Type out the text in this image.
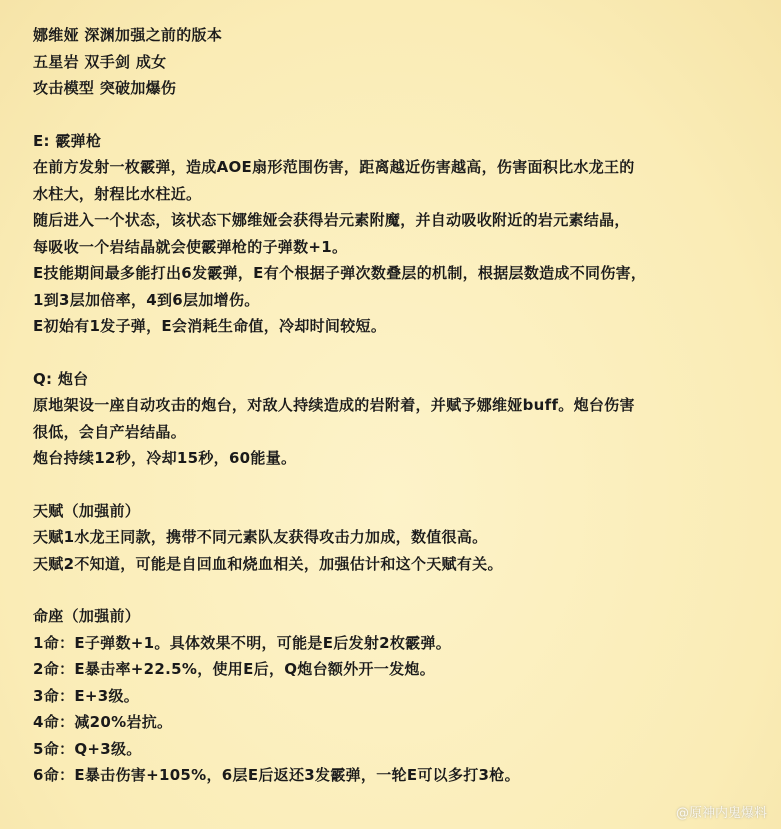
娜维娅 深渊加强之前的版本
五星岩 双手剑 成女
攻击模型 突破加爆伤
E: 霰弹枪
在前方发射一枚霰弹，造成AOE扇形范围伤害，距离越近伤害越高，伤害面积比水龙王的
水柱大，射程比水柱近。
随后进入一个状态，该状态下娜维娅会获得岩元素附魔，并自动吸收附近的岩元素结晶，
每吸收一个岩结晶就会使霰弹枪的子弹数+1。
E技能期间最多能打出6发霰弹，E有个根据子弹次数叠层的机制，根据层数造成不同伤害，
1到3层加倍率，4到6层加增伤。
E初始有1发子弹，E会消耗生命值，冷却时间较短。
Q: 炮台
原地架设一座自动攻击的炮台，对敌人持续造成的岩附着，并赋予娜维娅buff。炮台伤害
很低，会自产岩结晶。
炮台持续12秒，冷却15秒，60能量。
天赋（加强前）
天赋1水龙王同款，携带不同元素队友获得攻击力加成，数值很高。
天赋2不知道，可能是自回血和烧血相关，加强估计和这个天赋有关。
命座（加强前）
1命：E子弹数+1。具体效果不明，可能是E后发射2枚霰弹。
2命：E暴击率+22.5%，使用E后，Q炮台额外开一发炮。
3命：E+3级。
4命：减20%岩抗。
5命：Q+3级。
6命：E暴击伤害+105%，6层E后返还3发霰弹，一轮E可以多打3枪。
@原神内鬼爆料
